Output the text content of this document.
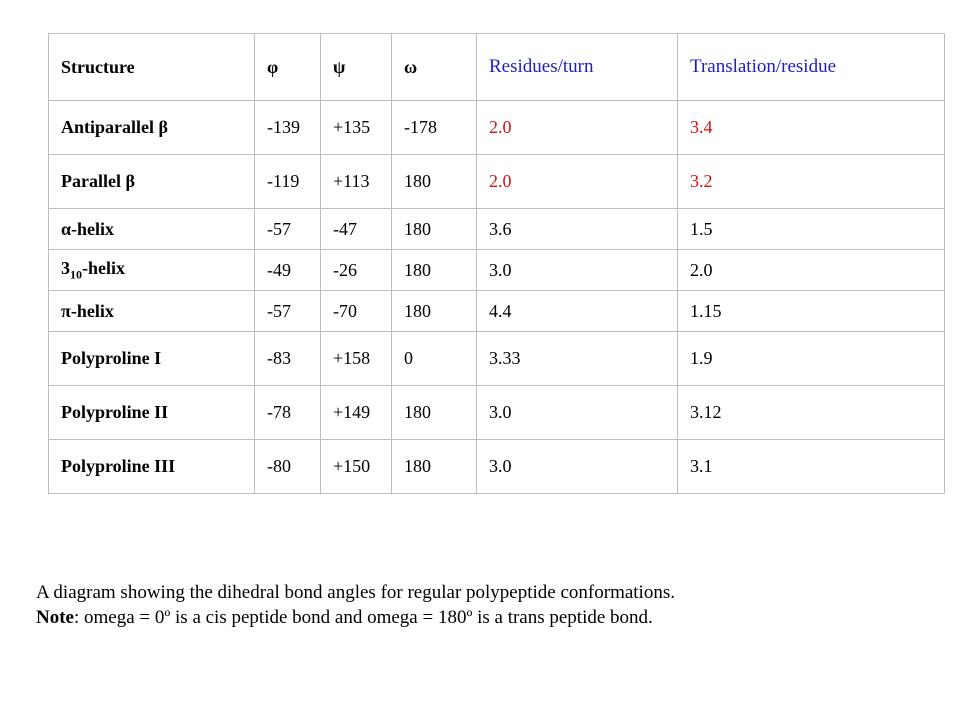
Structure	φ	ψ	ω	Residues/turn	Translation/residue
Antiparallel β	-139	+135	-178	2.0	3.4
Parallel β	-119	+113	180	2.0	3.2
α-helix	-57	-47	180	3.6	1.5
$3_{10}$-helix	-49	-26	180	3.0	2.0
π-helix	-57	-70	180	4.4	1.15
Polyproline I	-83	+158	0	3.33	1.9
Polyproline II	-78	+149	180	3.0	3.12
Polyproline III	-80	+150	180	3.0	3.1
A diagram showing the dihedral bond angles for regular polypeptide conformations.
Note: omega = 0º is a cis peptide bond and omega = 180º is a trans peptide bond.
